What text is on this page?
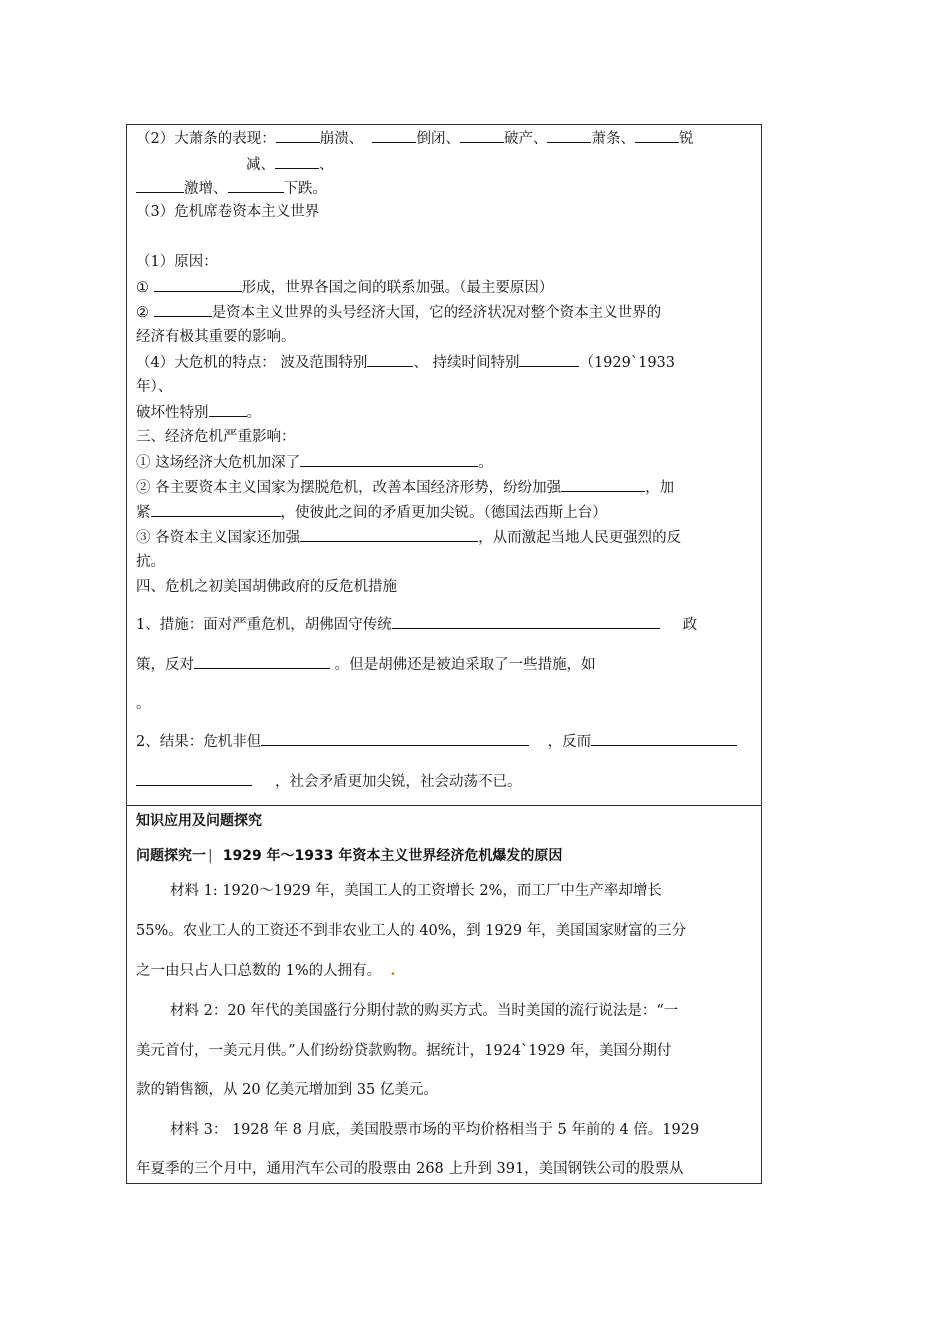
（2）大萧条的表现：	崩溃、	倒闭、	破产、	萧条、	锐
减、	、
激增、	下跌。
（3）危机席卷资本主义世界
（1）原因：
①	形成，世界各国之间的联系加强。（最主要原因）
②	是资本主义世界的头号经济大国，它的经济状况对整个资本主义世界的
经济有极其重要的影响。
（4）大危机的特点： 波及范围特别	、 持续时间特别	（1929`1933
年）、
破坏性特别	。
三、经济危机严重影响：
① 这场经济大危机加深了	。
② 各主要资本主义国家为摆脱危机，改善本国经济形势，纷纷加强	，加
紧	，使彼此之间的矛盾更加尖锐。（德国法西斯上台）
③ 各资本主义国家还加强	，从而激起当地人民更强烈的反
抗。
四、危机之初美国胡佛政府的反危机措施
1、措施：面对严重危机，胡佛固守传统	政
策，反对	。但是胡佛还是被迫采取了一些措施，如
。
2、结果：危机非但	，反而
，社会矛盾更加尖锐，社会动荡不已。
知识应用及问题探究
问题探究一 | 1929 年～1933 年资本主义世界经济危机爆发的原因
材料 1: 1920～1929 年，美国工人的工资增长 2%，而工厂中生产率却增长
55%。农业工人的工资还不到非农业工人的 40%，到 1929 年，美国国家财富的三分
之一由只占人口总数的 1%的人拥有。 .
材料 2：20 年代的美国盛行分期付款的购买方式。当时美国的流行说法是：“一
美元首付，一美元月供。”人们纷纷贷款购物。据统计，1924`1929 年，美国分期付
款的销售额，从 20 亿美元增加到 35 亿美元。
材料 3： 1928 年 8 月底，美国股票市场的平均价格相当于 5 年前的 4 倍。1929
年夏季的三个月中，通用汽车公司的股票由 268 上升到 391，美国钢铁公司的股票从
